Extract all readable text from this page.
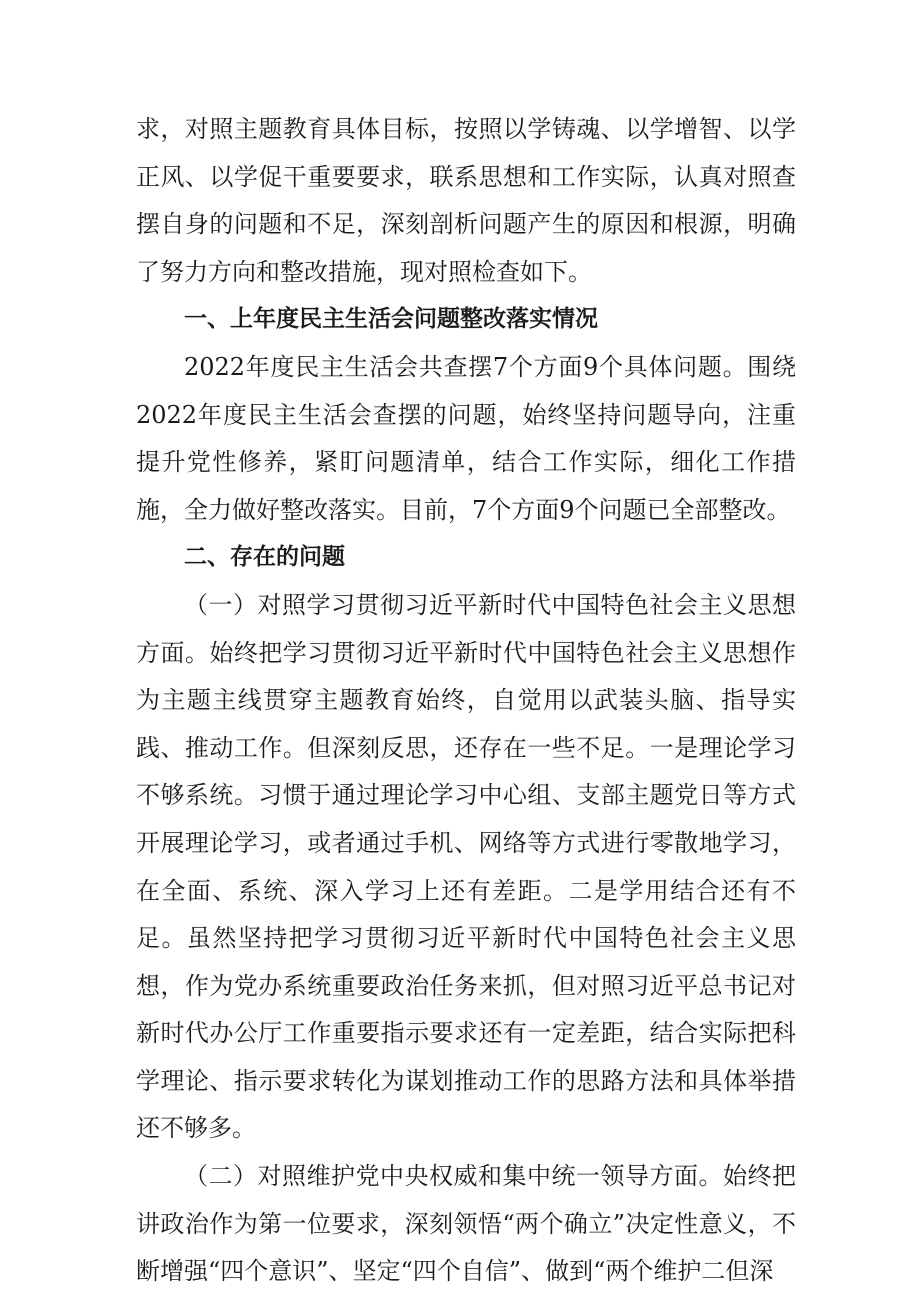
求，对照主题教育具体目标，按照以学铸魂、以学增智、以学正风、以学促干重要要求，联系思想和工作实际，认真对照查摆自身的问题和不足，深刻剖析问题产生的原因和根源，明确了努力方向和整改措施，现对照检查如下。

一、上年度民主生活会问题整改落实情况

2022年度民主生活会共查摆7个方面9个具体问题。围绕2022年度民主生活会查摆的问题，始终坚持问题导向，注重提升党性修养，紧盯问题清单，结合工作实际，细化工作措施，全力做好整改落实。目前，7个方面9个问题已全部整改。

二、存在的问题

（一）对照学习贯彻习近平新时代中国特色社会主义思想方面。始终把学习贯彻习近平新时代中国特色社会主义思想作为主题主线贯穿主题教育始终，自觉用以武装头脑、指导实践、推动工作。但深刻反思，还存在一些不足。一是理论学习不够系统。习惯于通过理论学习中心组、支部主题党日等方式开展理论学习，或者通过手机、网络等方式进行零散地学习，在全面、系统、深入学习上还有差距。二是学用结合还有不足。虽然坚持把学习贯彻习近平新时代中国特色社会主义思想，作为党办系统重要政治任务来抓，但对照习近平总书记对新时代办公厅工作重要指示要求还有一定差距，结合实际把科学理论、指示要求转化为谋划推动工作的思路方法和具体举措还不够多。

（二）对照维护党中央权威和集中统一领导方面。始终把讲政治作为第一位要求，深刻领悟“两个确立”决定性意义，不断增强“四个意识”、坚定“四个自信”、做到“两个维护二但深
